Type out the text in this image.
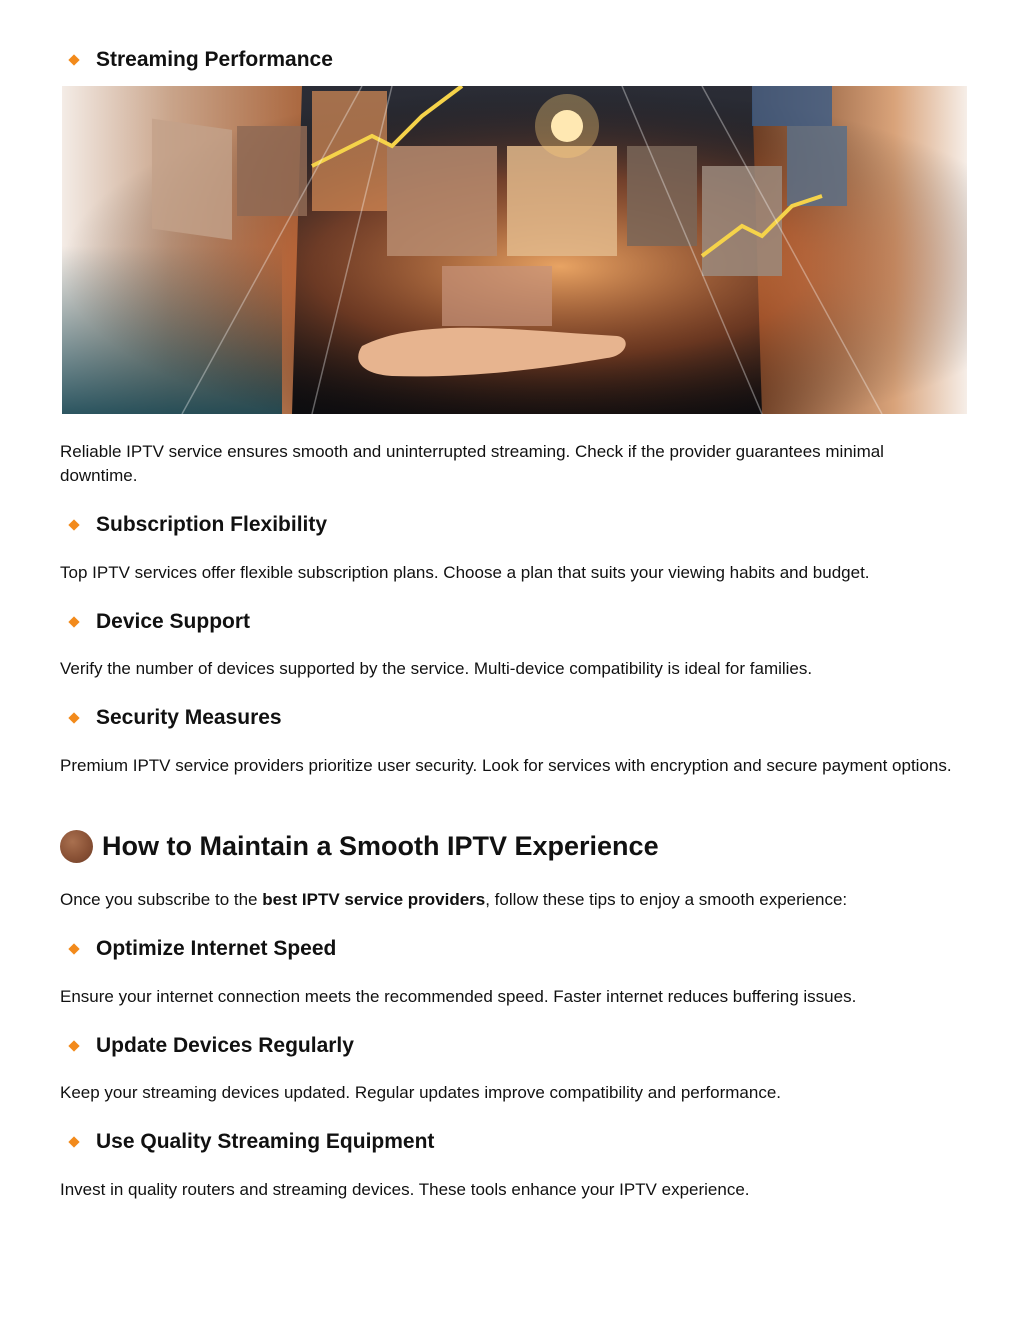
Streaming Performance
Reliable IPTV service ensures smooth and uninterrupted streaming. Check if the provider guarantees minimal downtime.
Subscription Flexibility
Top IPTV services offer flexible subscription plans. Choose a plan that suits your viewing habits and budget.
Device Support
Verify the number of devices supported by the service. Multi-device compatibility is ideal for families.
Security Measures
Premium IPTV service providers prioritize user security. Look for services with encryption and secure payment options.
How to Maintain a Smooth IPTV Experience
Once you subscribe to the best IPTV service providers, follow these tips to enjoy a smooth experience:
Optimize Internet Speed
Ensure your internet connection meets the recommended speed. Faster internet reduces buffering issues.
Update Devices Regularly
Keep your streaming devices updated. Regular updates improve compatibility and performance.
Use Quality Streaming Equipment
Invest in quality routers and streaming devices. These tools enhance your IPTV experience.
